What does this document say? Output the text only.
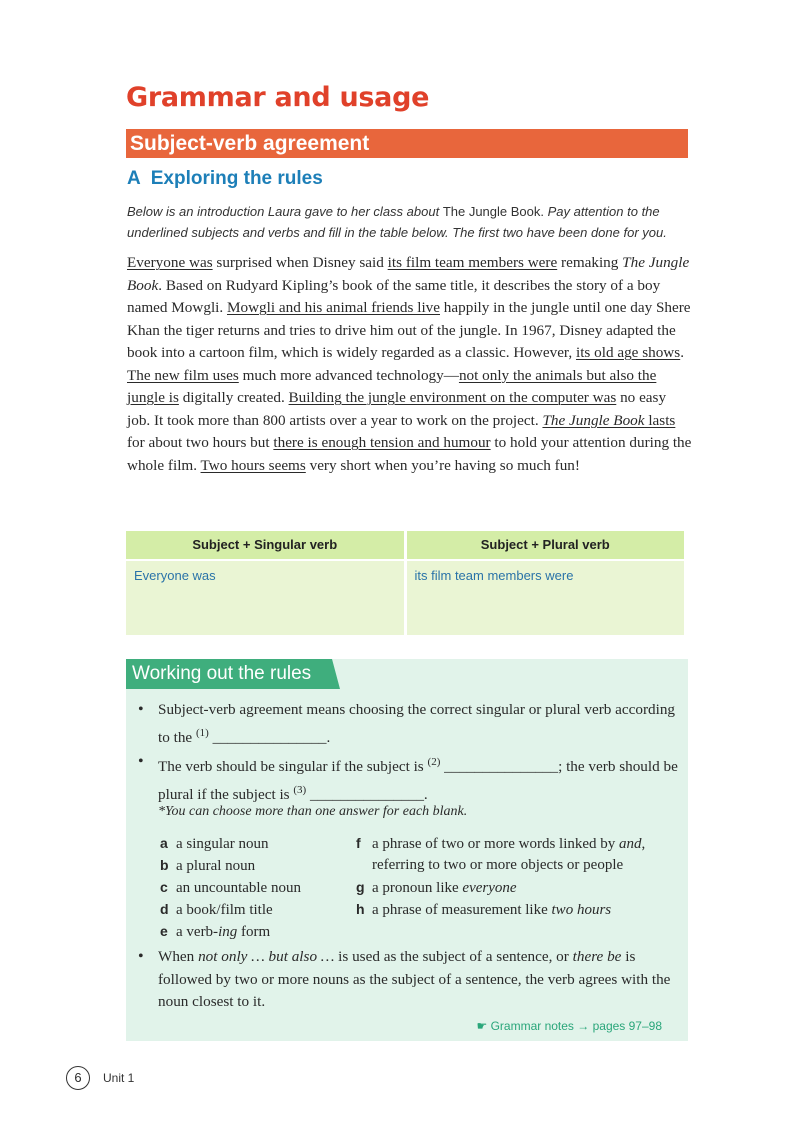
Grammar and usage
Subject-verb agreement
A Exploring the rules

Below is an introduction Laura gave to her class about The Jungle Book. Pay attention to the underlined subjects and verbs and fill in the table below. The first two have been done for you.

Everyone was surprised when Disney said its film team members were remaking The Jungle Book. Based on Rudyard Kipling’s book of the same title, it describes the story of a boy named Mowgli. Mowgli and his animal friends live happily in the jungle until one day Shere Khan the tiger returns and tries to drive him out of the jungle. In 1967, Disney adapted the book into a cartoon film, which is widely regarded as a classic. However, its old age shows. The new film uses much more advanced technology—not only the animals but also the jungle is digitally created. Building the jungle environment on the computer was no easy job. It took more than 800 artists over a year to work on the project. The Jungle Book lasts for about two hours but there is enough tension and humour to hold your attention during the whole film. Two hours seems very short when you’re having so much fun!

Subject + Singular verb
Everyone was
Subject + Plural verb
its film team members were
Working out the rules
• Subject-verb agreement means choosing the correct singular or plural verb according to the $^{(1)}$ _______________.
• The verb should be singular if the subject is $^{(2)}$ _______________; the verb should be plural if the subject is $^{(3)}$ _______________.
*You can choose more than one answer for each blank.
a a singular noun
b a plural noun
c an uncountable noun
d a book/film title
e a verb-ing form
f a phrase of two or more words linked by and,
referring to two or more objects or people
g a pronoun like everyone
h a phrase of measurement like two hours
• When not only … but also … is used as the subject of a sentence, or there be is followed by two or more nouns as the subject of a sentence, the verb agrees with the noun closest to it.
☛ Grammar notes → pages 97–98
6	Unit 1
